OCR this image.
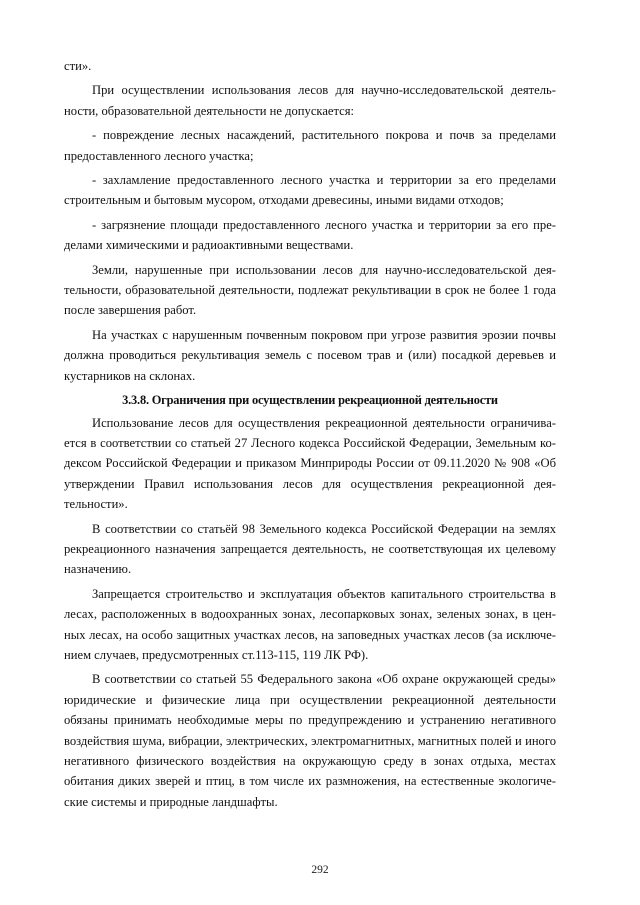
сти».

При осуществлении использования лесов для научно-исследовательской деятельности, образовательной деятельности не допускается:

- повреждение лесных насаждений, растительного покрова и почв за пределами предоставленного лесного участка;

- захламление предоставленного лесного участка и территории за его пределами строительным и бытовым мусором, отходами древесины, иными видами отходов;

- загрязнение площади предоставленного лесного участка и территории за его пределами химическими и радиоактивными веществами.

Земли, нарушенные при использовании лесов для научно-исследовательской деятельности, образовательной деятельности, подлежат рекультивации в срок не более 1 года после завершения работ.

На участках с нарушенным почвенным покровом при угрозе развития эрозии почвы должна проводиться рекультивация земель с посевом трав и (или) посадкой деревьев и кустарников на склонах.

3.3.8. Ограничения при осуществлении рекреационной деятельности

Использование лесов для осуществления рекреационной деятельности ограничивается в соответствии со статьей 27 Лесного кодекса Российской Федерации, Земельным кодексом Российской Федерации и приказом Минприроды России от 09.11.2020 № 908 «Об утверждении Правил использования лесов для осуществления рекреационной деятельности».

В соответствии со статьёй 98 Земельного кодекса Российской Федерации на землях рекреационного назначения запрещается деятельность, не соответствующая их целевому назначению.

Запрещается строительство и эксплуатация объектов капитального строительства в лесах, расположенных в водоохранных зонах, лесопарковых зонах, зеленых зонах, в ценных лесах, на особо защитных участках лесов, на заповедных участках лесов (за исключением случаев, предусмотренных ст.113-115, 119 ЛК РФ).

В соответствии со статьей 55 Федерального закона «Об охране окружающей среды» юридические и физические лица при осуществлении рекреационной деятельности обязаны принимать необходимые меры по предупреждению и устранению негативного воздействия шума, вибрации, электрических, электромагнитных, магнитных полей и иного негативного физического воздействия на окружающую среду в зонах отдыха, местах обитания диких зверей и птиц, в том числе их размножения, на естественные экологические системы и природные ландшафты.

292
